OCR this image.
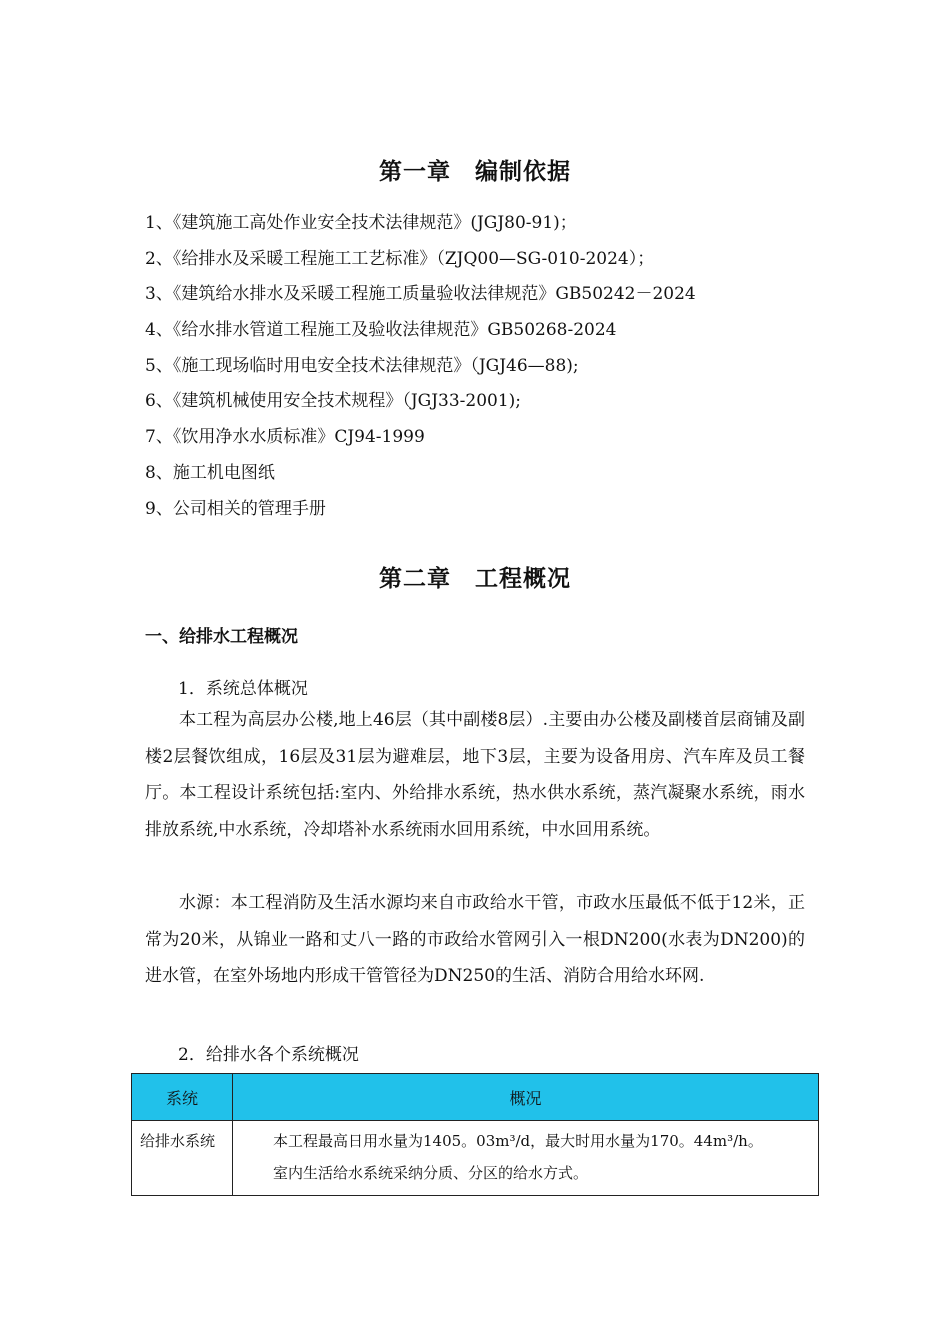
第一章　编制依据
1、《建筑施工高处作业安全技术法律规范》(JGJ80-91)；
2、《给排水及采暖工程施工工艺标准》（ZJQ00—SG-010-2024）；
3、《建筑给水排水及采暖工程施工质量验收法律规范》GB50242－2024
4、《给水排水管道工程施工及验收法律规范》GB50268-2024
5、《施工现场临时用电安全技术法律规范》（JGJ46—88);
6、《建筑机械使用安全技术规程》（JGJ33-2001);
7、《饮用净水水质标准》CJ94-1999
8、施工机电图纸
9、公司相关的管理手册
第二章　工程概况
一、给排水工程概况
1．系统总体概况

本工程为高层办公楼,地上46层（其中副楼8层）.主要由办公楼及副楼首层商铺及副楼2层餐饮组成，16层及31层为避难层，地下3层，主要为设备用房、汽车库及员工餐厅。本工程设计系统包括:室内、外给排水系统，热水供水系统，蒸汽凝聚水系统，雨水排放系统,中水系统，冷却塔补水系统雨水回用系统，中水回用系统。

水源：本工程消防及生活水源均来自市政给水干管，市政水压最低不低于12米，正常为20米，从锦业一路和丈八一路的市政给水管网引入一根DN200(水表为DN200)的进水管，在室外场地内形成干管管径为DN250的生活、消防合用给水环网.

2．给排水各个系统概况
系统	概况
给排水系统	本工程最高日用水量为1405。03m³/d，最大时用水量为170。44m³/h。
室内生活给水系统采纳分质、分区的给水方式。
